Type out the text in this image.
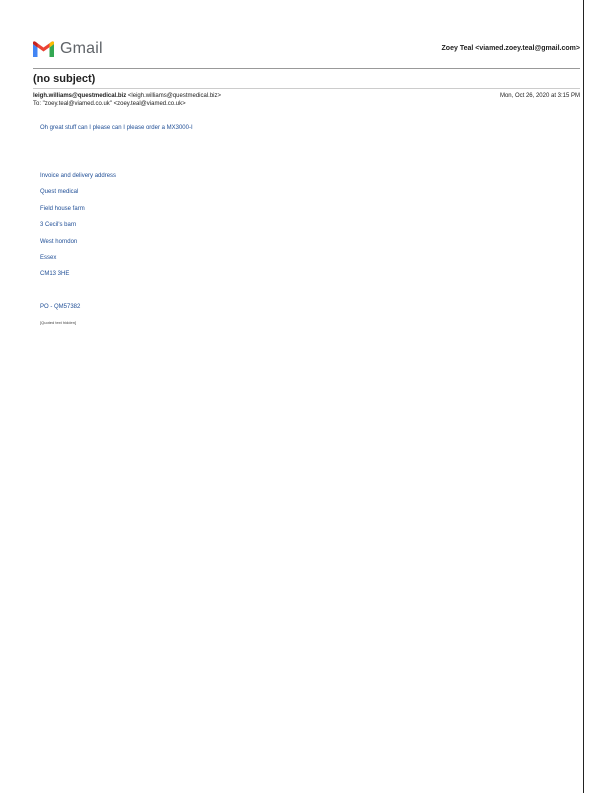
Gmail	Zoey Teal <viamed.zoey.teal@gmail.com>
(no subject)
leigh.williams@questmedical.biz <leigh.williams@questmedical.biz>	Mon, Oct 26, 2020 at 3:15 PM
To: "zoey.teal@viamed.co.uk" <zoey.teal@viamed.co.uk>
Oh great stuff can I please can I please order a MX3000-I
Invoice and delivery address
Quest medical
Field house farm
3 Cecil's barn
West horndon
Essex
CM13 3HE
PO - QM57382
[Quoted text hidden]
